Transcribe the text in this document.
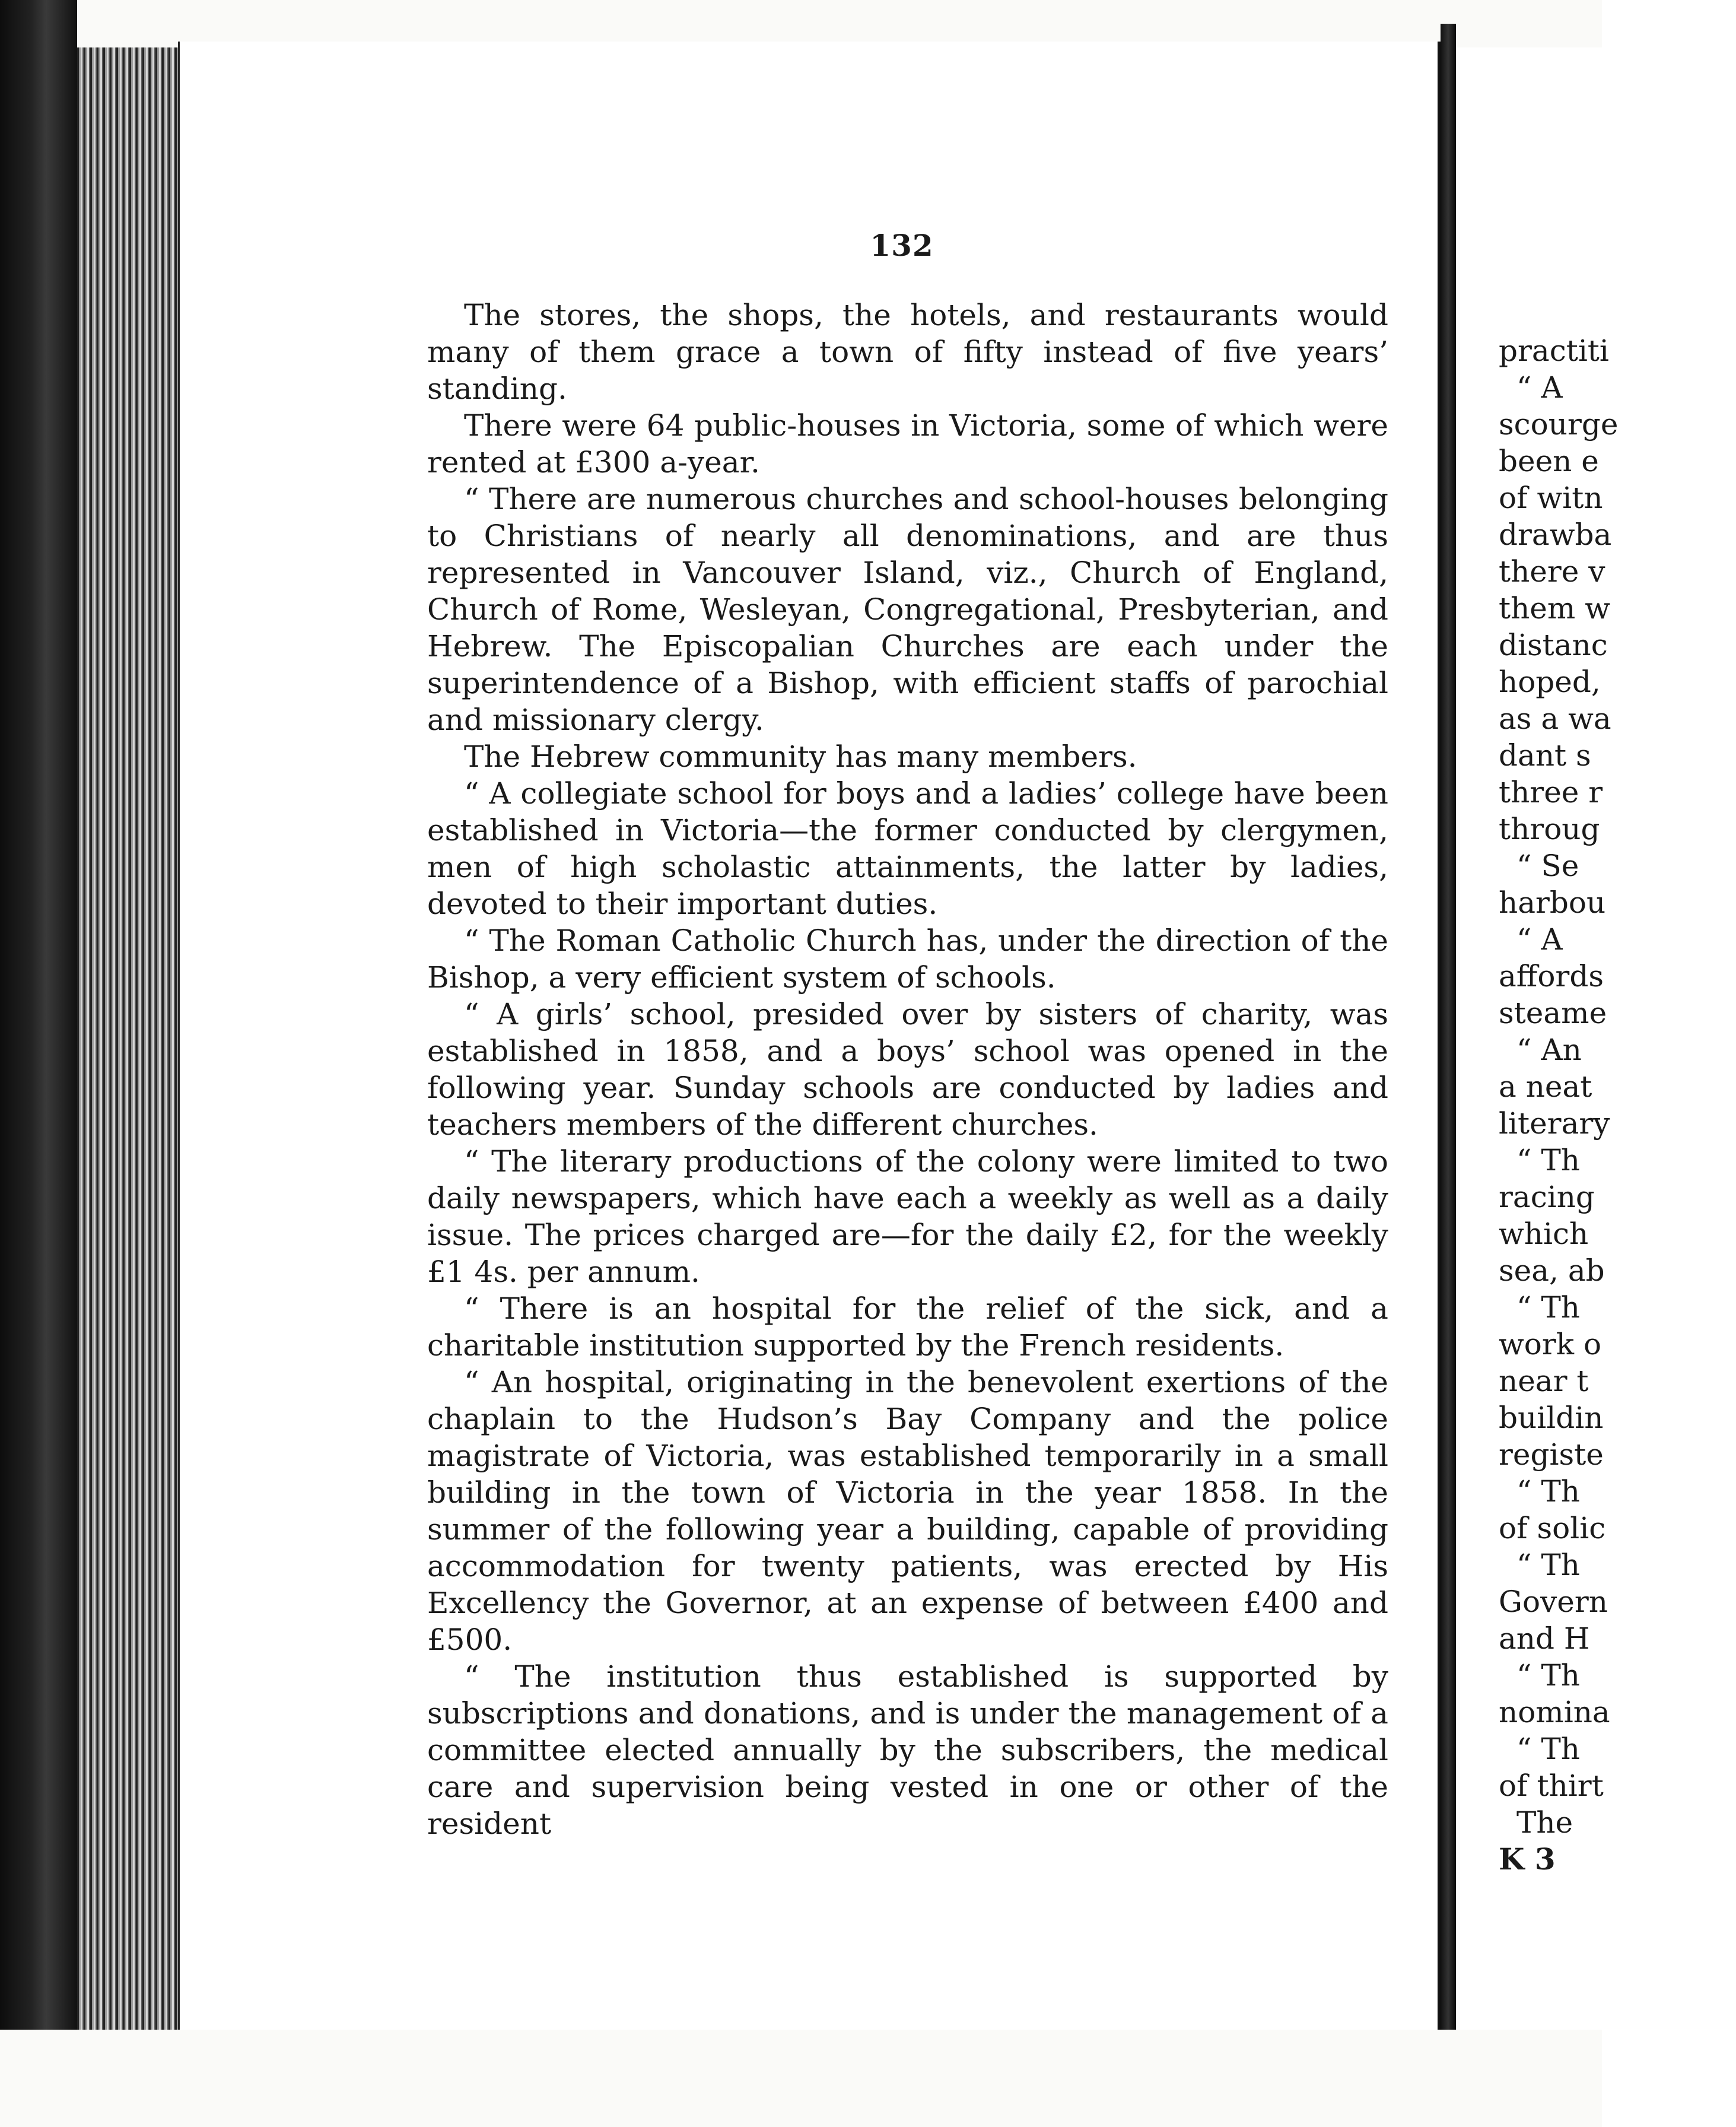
132

The stores, the shops, the hotels, and restaurants would many of them grace a town of fifty instead of five years’ standing.

There were 64 public-houses in Victoria, some of which were rented at £300 a-year.

“ There are numerous churches and school-houses belonging to Christians of nearly all denominations, and are thus represented in Vancouver Island, viz., Church of England, Church of Rome, Wesleyan, Congregational, Presbyterian, and Hebrew. The Episcopalian Churches are each under the superintendence of a Bishop, with efficient staffs of parochial and missionary clergy.

The Hebrew community has many members.

“ A collegiate school for boys and a ladies’ college have been established in Victoria—the former conducted by clergymen, men of high scholastic attainments, the latter by ladies, devoted to their important duties.

“ The Roman Catholic Church has, under the direction of the Bishop, a very efficient system of schools.

“ A girls’ school, presided over by sisters of charity, was established in 1858, and a boys’ school was opened in the following year. Sunday schools are conducted by ladies and teachers members of the different churches.

“ The literary productions of the colony were limited to two daily newspapers, which have each a weekly as well as a daily issue. The prices charged are—for the daily £2, for the weekly £1 4s. per annum.

“ There is an hospital for the relief of the sick, and a charitable institution supported by the French residents.

“ An hospital, originating in the benevolent exertions of the chaplain to the Hudson’s Bay Company and the police magistrate of Victoria, was established temporarily in a small building in the town of Victoria in the year 1858. In the summer of the following year a building, capable of providing accommodation for twenty patients, was erected by His Excellency the Governor, at an expense of between £400 and £500.

“ The institution thus established is supported by subscriptions and donations, and is under the management of a committee elected annually by the subscribers, the medical care and supervision being vested in one or other of the resident

practiti
“ A
scourge
been e
of witn
drawba
there v
them w
distanc
hoped,
as a wa
dant s
three r
throug
“ Se
harbou
“ A
affords
steame
“ An
a neat
literary
“ Th
racing
which
sea, ab
“ Th
work o
near t
buildin
registe
“ Th
of solic
“ Th
Govern
and H
“ Th
nomina
“ Th
of thirt
The
K 3
